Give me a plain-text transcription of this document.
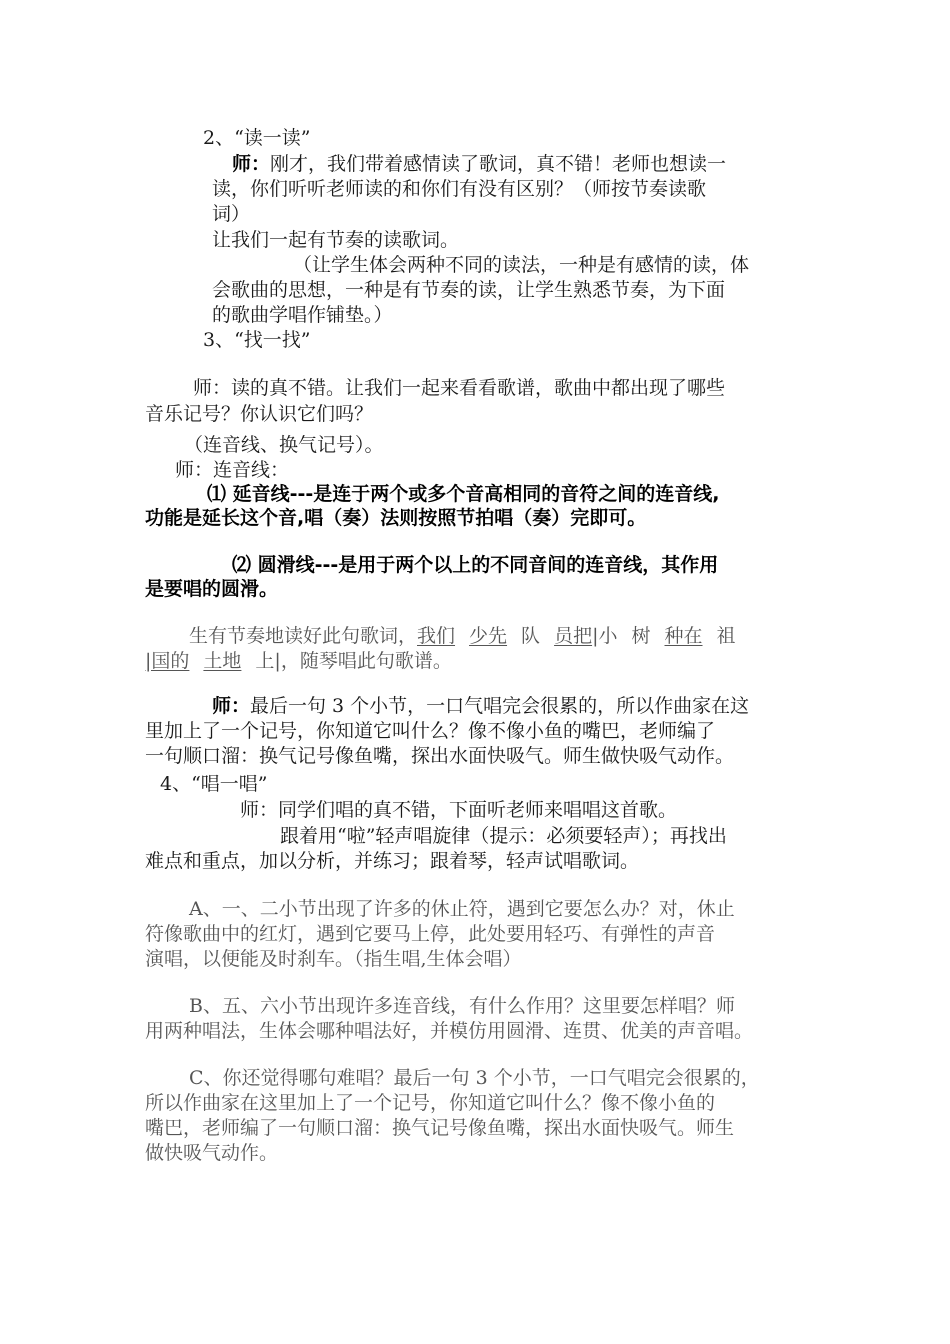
2、“读一读”
师：刚才，我们带着感情读了歌词，真不错！老师也想读一
读，你们听听老师读的和你们有没有区别？（师按节奏读歌
词）
让我们一起有节奏的读歌词。
（让学生体会两种不同的读法，一种是有感情的读，体
会歌曲的思想，一种是有节奏的读，让学生熟悉节奏，为下面
的歌曲学唱作铺垫。）
3、“找一找”
师：读的真不错。让我们一起来看看歌谱，歌曲中都出现了哪些
音乐记号？你认识它们吗？
（连音线、换气记号）。
师：连音线：
⑴ 延音线---是连于两个或多个音高相同的音符之间的连音线,
功能是延长这个音,唱（奏）法则按照节拍唱（奏）完即可。
⑵ 圆滑线---是用于两个以上的不同音间的连音线，其作用
是要唱的圆滑。
生有节奏地读好此句歌词，我们 少先 队 员把|小 树 种在 祖
|国的 土地 上|，随琴唱此句歌谱。
师：最后一句 3 个小节，一口气唱完会很累的，所以作曲家在这
里加上了一个记号，你知道它叫什么？像不像小鱼的嘴巴，老师编了
一句顺口溜：换气记号像鱼嘴，探出水面快吸气。师生做快吸气动作。
4、“唱一唱”
师：同学们唱的真不错，下面听老师来唱唱这首歌。
跟着用“啦”轻声唱旋律（提示：必须要轻声）；再找出
难点和重点，加以分析，并练习；跟着琴，轻声试唱歌词。
A、一、二小节出现了许多的休止符，遇到它要怎么办？对，休止
符像歌曲中的红灯，遇到它要马上停，此处要用轻巧、有弹性的声音
演唱，以便能及时刹车。（指生唱,生体会唱）
B、五、六小节出现许多连音线，有什么作用？这里要怎样唱？师
用两种唱法，生体会哪种唱法好，并模仿用圆滑、连贯、优美的声音唱。
C、你还觉得哪句难唱？最后一句 3 个小节，一口气唱完会很累的，
所以作曲家在这里加上了一个记号，你知道它叫什么？像不像小鱼的
嘴巴，老师编了一句顺口溜：换气记号像鱼嘴，探出水面快吸气。师生
做快吸气动作。
